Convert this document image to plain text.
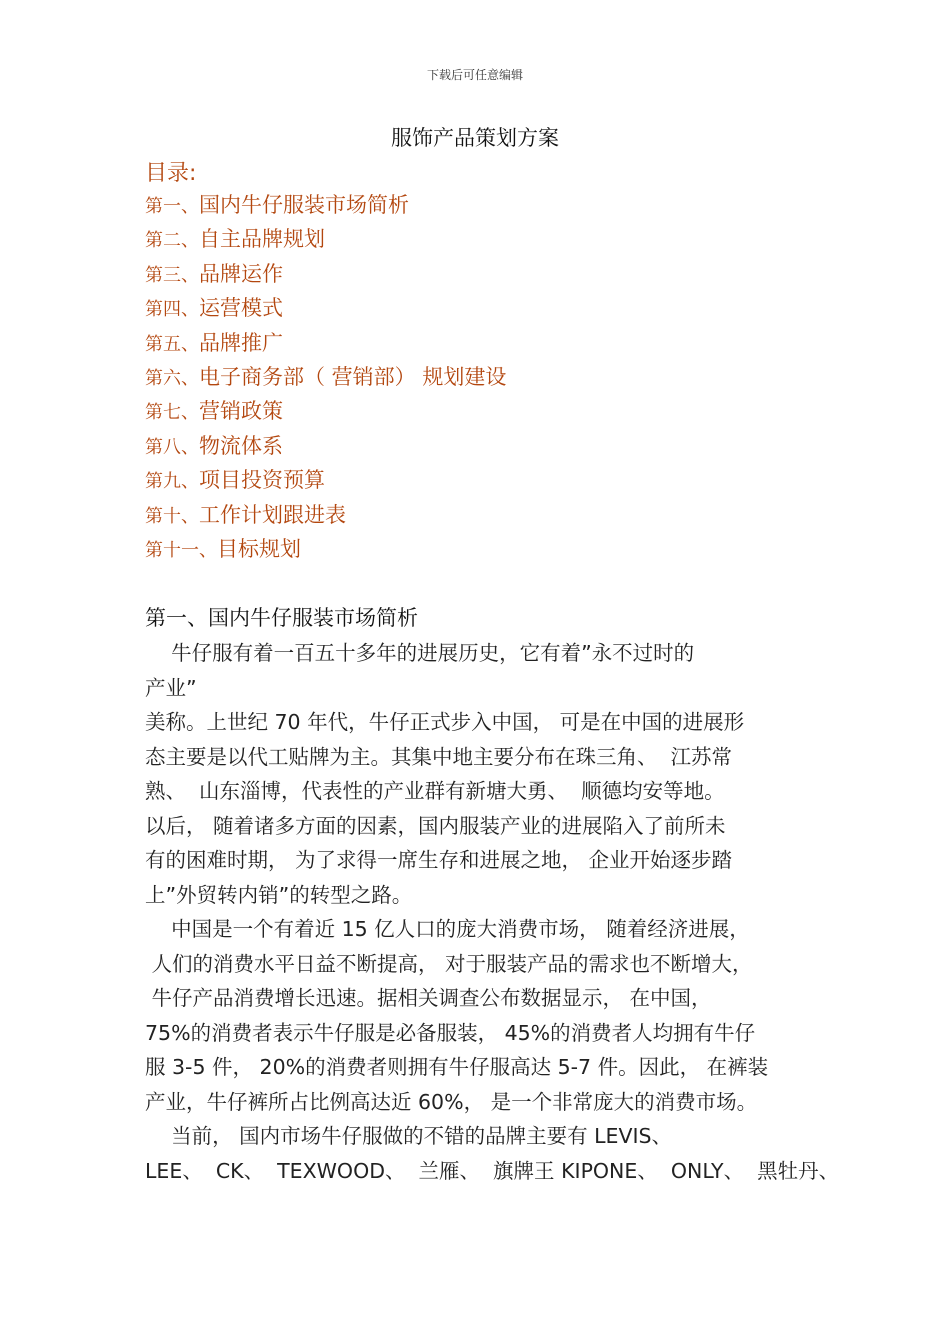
下载后可任意编辑
服饰产品策划方案
目录:
第一、国内牛仔服装市场简析
第二、自主品牌规划
第三、品牌运作
第四、运营模式
第五、品牌推广
第六、电子商务部（ 营销部） 规划建设
第七、营销政策
第八、物流体系
第九、项目投资预算
第十、工作计划跟进表
第十一、目标规划
第一、国内牛仔服装市场简析
牛仔服有着一百五十多年的进展历史，它有着”永不过时的
产业”
美称。上世纪 70 年代，牛仔正式步入中国， 可是在中国的进展形
态主要是以代工贴牌为主。其集中地主要分布在珠三角、  江苏常
熟、  山东淄博，代表性的产业群有新塘大勇、  顺德均安等地。
以后， 随着诸多方面的因素，国内服装产业的进展陷入了前所未
有的困难时期， 为了求得一席生存和进展之地， 企业开始逐步踏
上”外贸转内销”的转型之路。
中国是一个有着近 15 亿人口的庞大消费市场， 随着经济进展，
人们的消费水平日益不断提高， 对于服装产品的需求也不断增大，
牛仔产品消费增长迅速。据相关调查公布数据显示， 在中国，
75%的消费者表示牛仔服是必备服装， 45%的消费者人均拥有牛仔
服 3-5 件， 20%的消费者则拥有牛仔服高达 5-7 件。因此， 在裤装
产业，牛仔裤所占比例高达近 60%， 是一个非常庞大的消费市场。
当前， 国内市场牛仔服做的不错的品牌主要有 LEVIS、
LEE、  CK、  TEXWOOD、  兰雁、  旗牌王 KIPONE、  ONLY、  黑牡丹、
